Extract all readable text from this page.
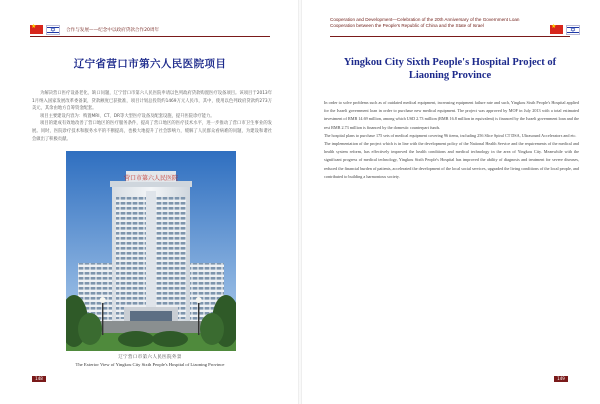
★
✡ 合作与发展——纪念中以政府贷款合作20周年
辽宁省营口市第六人民医院项目

为解决营口医疗设备老化、缺口问题，辽宁营口市第六人民医院申请以色列政府贷款购置医疗设备项目。该项目于2013年1月纳入国家发展改革委备案，贷款额度已获批准，项目计划总投资约1469万元人民币，其中，使用以色列政府贷款约273万美元，其余由地方自筹资金配套。

项目主要建设内容为：购置MRI、CT、DR等大型医疗设备及配套设施，提升医院诊疗能力。

项目的建成有效地改善了营口地区的医疗服务条件，提高了营口地区的医疗技术水平，进一步推动了营口市卫生事业的发展。同时，医院诊疗技术和服务水平的不断提高，也极大地提升了社会影响力，缓解了人民群众看病难的问题，为建设和谐社会做出了积极贡献。

营口市第六人民医院
辽宁营口市第六人民医院外景
The Exterior View of Yingkou City Sixth People's Hospital of Liaoning Province
148
Cooperation and Development—Celebration of the 20th Anniversary of the Government Loan Cooperation between the People's Republic of China and the State of Israel
★
✡
Yingkou City Sixth People's Hospital Project of Liaoning Province

In order to solve problems such as of outdated medical equipment, increasing equipment failure rate and such, Yingkou Sixth People's Hospital applied for the Israeli government loan in order to purchase new medical equipment. The project was approved by MOF in July 2013 with a total estimated investment of RMB 14.69 million, among which USD 2.73 million (RMB 16.8 million in equivalent) is financed by the Israeli government loan and the rest RMB 2.73 million is financed by the domestic counterpart funds.

The hospital plans to purchase 175 sets of medical equipment covering 96 items, including 256 Slice Spiral CT DSA, Ultrasound Accelerators and etc.

The implementation of the project which is in line with the development policy of the National Health Service and the requirements of the medical and health system reform, has effectively improved the health conditions and medical technology in the area of Yingkou City. Meanwhile with the significant progress of medical technology, Yingkou Sixth People's Hospital has improved the ability of diagnosis and treatment for severe diseases, reduced the financial burden of patients, accelerated the development of the local social services, upgraded the living conditions of the local people, and contributed to building a harmonious society.

149
